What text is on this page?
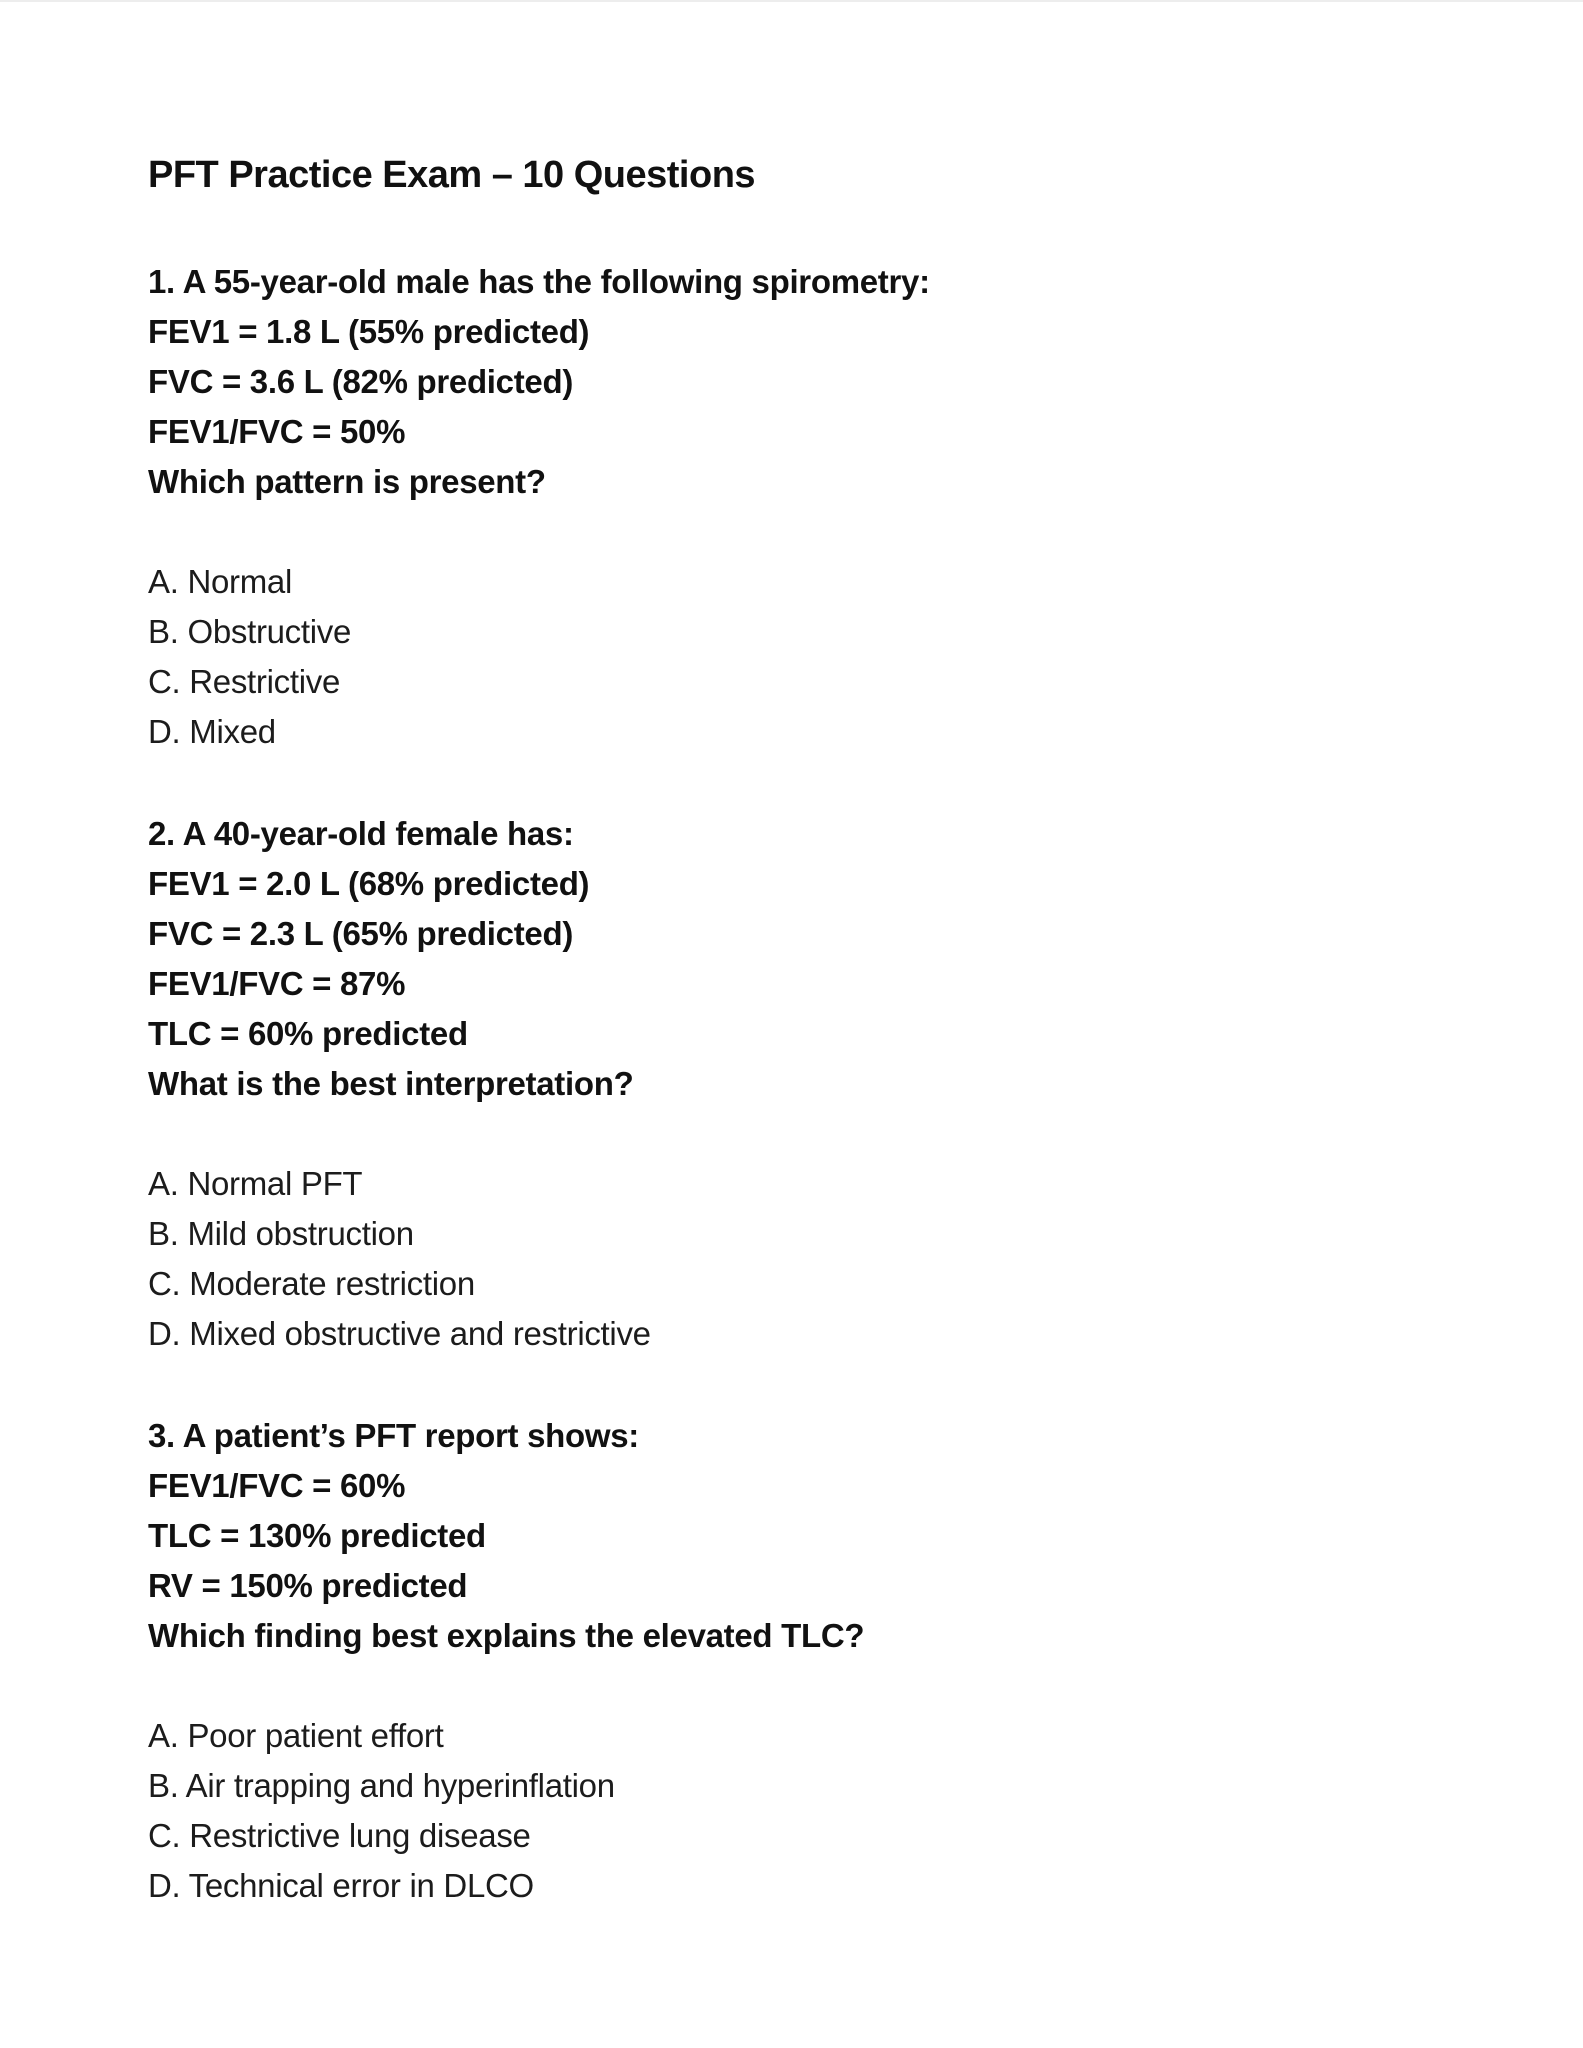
PFT Practice Exam – 10 Questions
1. A 55-year-old male has the following spirometry:
FEV1 = 1.8 L (55% predicted)
FVC = 3.6 L (82% predicted)
FEV1/FVC = 50%
Which pattern is present?
A. Normal
B. Obstructive
C. Restrictive
D. Mixed
2. A 40-year-old female has:
FEV1 = 2.0 L (68% predicted)
FVC = 2.3 L (65% predicted)
FEV1/FVC = 87%
TLC = 60% predicted
What is the best interpretation?
A. Normal PFT
B. Mild obstruction
C. Moderate restriction
D. Mixed obstructive and restrictive
3. A patient’s PFT report shows:
FEV1/FVC = 60%
TLC = 130% predicted
RV = 150% predicted
Which finding best explains the elevated TLC?
A. Poor patient effort
B. Air trapping and hyperinflation
C. Restrictive lung disease
D. Technical error in DLCO
